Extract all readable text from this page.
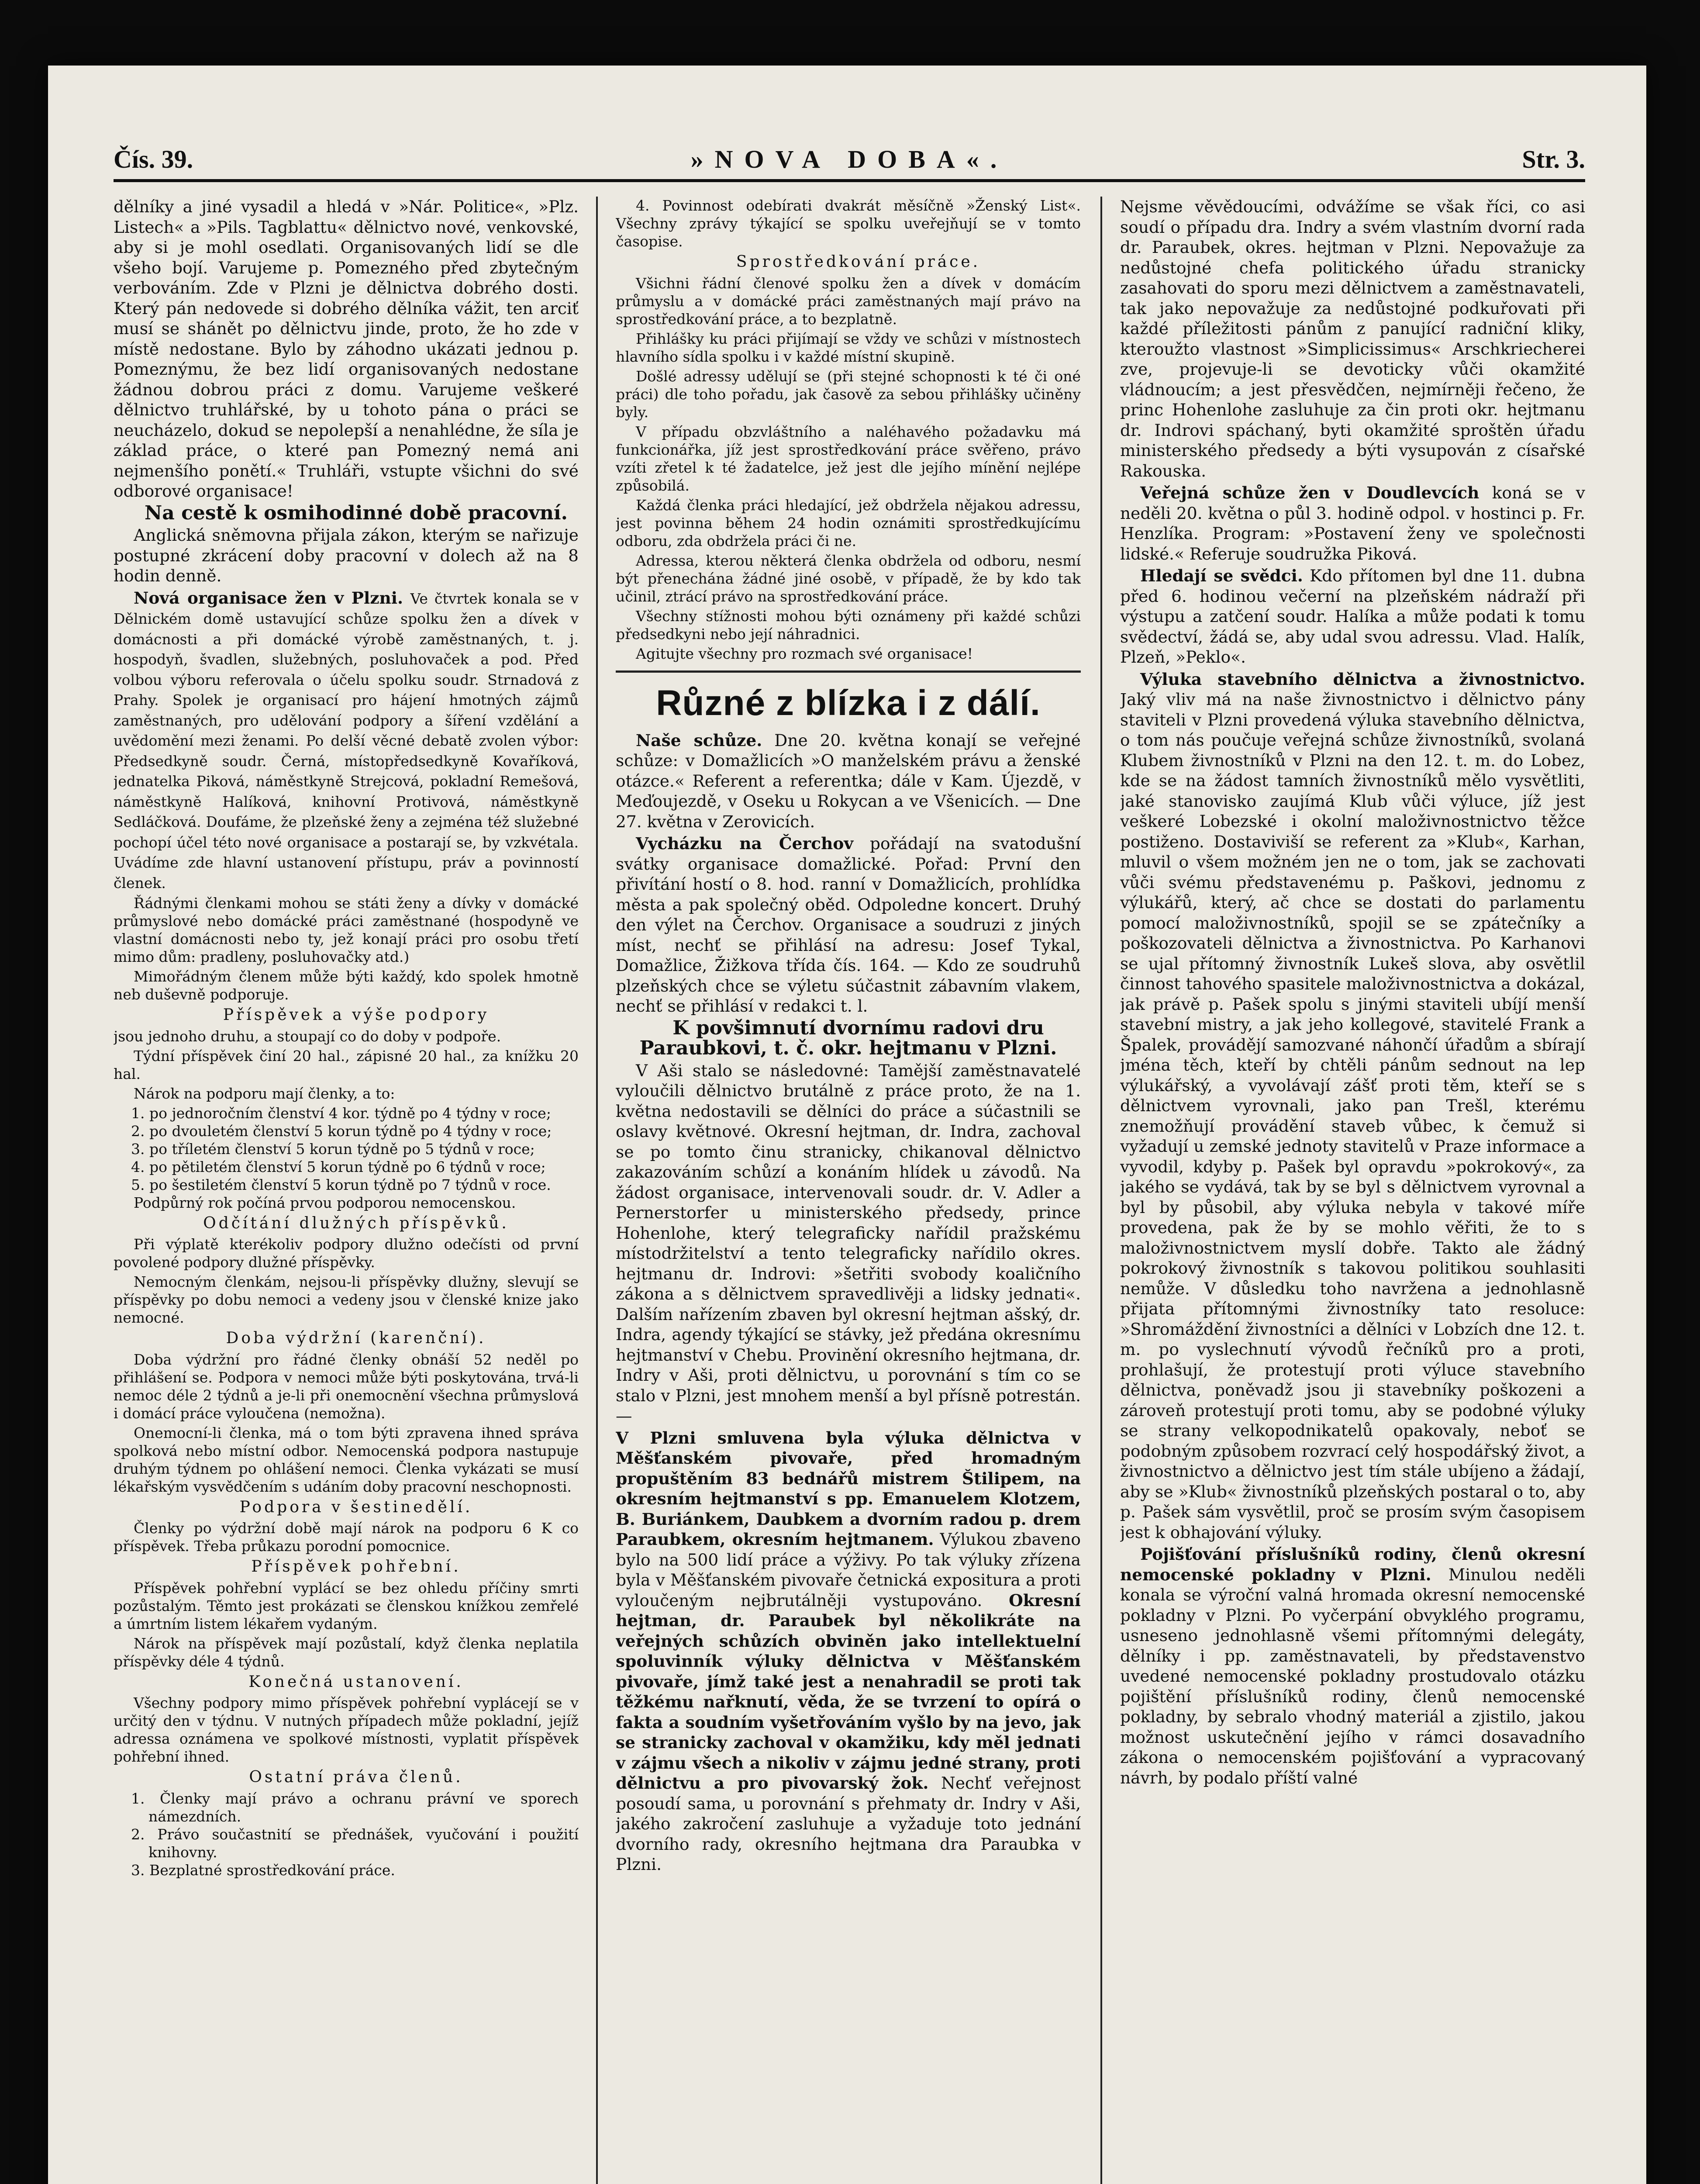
Čís. 39.	»NOVA DOBA«.	Str. 3.

dělníky a jiné vysadil a hledá v »Nár. Politice«, »Plz. Listech« a »Pils. Tagblattu« dělnictvo nové, venkovské, aby si je mohl osedlati. Organisovaných lidí se dle všeho bojí. Varujeme p. Pomezného před zbytečným verbováním. Zde v Plzni je dělnictva dobrého dosti. Který pán nedovede si dobrého dělníka vážit, ten arciť musí se shánět po dělnictvu jinde, proto, že ho zde v místě nedostane. Bylo by záhodno ukázati jednou p. Pomeznýmu, že bez lidí organisovaných nedostane žádnou dobrou práci z domu. Varujeme veškeré dělnictvo truhlářské, by u tohoto pána o práci se neucházelo, dokud se nepolepší a nenahlédne, že síla je základ práce, o které pan Pomezný nemá ani nejmenšího ponětí.« Truhláři, vstupte všichni do své odborové organisace!

Na cestě k osmihodinné době pracovní.

Anglická sněmovna přijala zákon, kterým se nařizuje postupné zkrácení doby pracovní v dolech až na 8 hodin denně.

Nová organisace žen v Plzni. Ve čtvrtek konala se v Dělnickém domě ustavující schůze spolku žen a dívek v domácnosti a při domácké výrobě zaměstnaných, t. j. hospodyň, švadlen, služebných, posluhovaček a pod. Před volbou výboru referovala o účelu spolku soudr. Strnadová z Prahy. Spolek je organisací pro hájení hmotných zájmů zaměstnaných, pro udělování podpory a šíření vzdělání a uvědomění mezi ženami. Po delší věcné debatě zvolen výbor: Předsedkyně soudr. Černá, místopředsedkyně Kovaříková, jednatelka Piková, náměstkyně Strejcová, pokladní Remešová, náměstkyně Halíková, knihovní Protivová, náměstkyně Sedláčková. Doufáme, že plzeňské ženy a zejména též služebné pochopí účel této nové organisace a postarají se, by vzkvétala. Uvádíme zde hlavní ustanovení přístupu, práv a povinností členek.

Řádnými členkami mohou se státi ženy a dívky v domácké průmyslové nebo domácké práci zaměstnané (hospodyně ve vlastní domácnosti nebo ty, jež konají práci pro osobu třetí mimo dům: pradleny, posluhovačky atd.)

Mimořádným členem může býti každý, kdo spolek hmotně neb duševně podporuje.

Příspěvek a výše podpory

jsou jednoho druhu, a stoupají co do doby v podpoře.

Týdní příspěvek činí 20 hal., zápisné 20 hal., za knížku 20 hal.

Nárok na podporu mají členky, a to:

1. po jednoročním členství 4 kor. týdně po 4 týdny v roce;
2. po dvouletém členství 5 korun týdně po 4 týdny v roce;
3. po tříletém členství 5 korun týdně po 5 týdnů v roce;
4. po pětiletém členství 5 korun týdně po 6 týdnů v roce;
5. po šestiletém členství 5 korun týdně po 7 týdnů v roce.

Podpůrný rok počíná prvou podporou nemocenskou.

Odčítání dlužných příspěvků.

Při výplatě kterékoliv podpory dlužno odečísti od první povolené podpory dlužné příspěvky.

Nemocným členkám, nejsou-li příspěvky dlužny, slevují se příspěvky po dobu nemoci a vedeny jsou v členské knize jako nemocné.

Doba výdržní (karenční).

Doba výdržní pro řádné členky obnáší 52 neděl po přihlášení se. Podpora v nemoci může býti poskytována, trvá-li nemoc déle 2 týdnů a je-li při onemocnění všechna průmyslová i domácí práce vyloučena (nemožna).

Onemocní-li členka, má o tom býti zpravena ihned správa spolková nebo místní odbor. Nemocenská podpora nastupuje druhým týdnem po ohlášení nemoci. Členka vykázati se musí lékařským vysvědčením s udáním doby pracovní neschopnosti.

Podpora v šestinedělí.

Členky po výdržní době mají nárok na podporu 6 K co příspěvek. Třeba průkazu porodní pomocnice.

Příspěvek pohřební.

Příspěvek pohřební vyplácí se bez ohledu příčiny smrti pozůstalým. Těmto jest prokázati se členskou knížkou zemřelé a úmrtním listem lékařem vydaným.

Nárok na příspěvek mají pozůstalí, když členka neplatila příspěvky déle 4 týdnů.

Konečná ustanovení.

Všechny podpory mimo příspěvek pohřební vyplácejí se v určitý den v týdnu. V nutných případech může pokladní, jejíž adressa oznámena ve spolkové místnosti, vyplatit příspěvek pohřební ihned.

Ostatní práva členů.

1. Členky mají právo a ochranu právní ve sporech námezdních.
2. Právo součastnití se přednášek, vyučování i použití knihovny.
3. Bezplatné sprostředkování práce.

4. Povinnost odebírati dvakrát měsíčně »Ženský List«. Všechny zprávy týkající se spolku uveřejňují se v tomto časopise.

Sprostředkování práce.

Všichni řádní členové spolku žen a dívek v domácím průmyslu a v domácké práci zaměstnaných mají právo na sprostředkování práce, a to bezplatně.

Přihlášky ku práci přijímají se vždy ve schůzi v místnostech hlavního sídla spolku i v každé místní skupině.

Došlé adressy udělují se (při stejné schopnosti k té či oné práci) dle toho pořadu, jak časově za sebou přihlášky učiněny byly.

V případu obzvláštního a naléhavého požadavku má funkcionářka, jíž jest sprostředkování práce svěřeno, právo vzíti zřetel k té žadatelce, jež jest dle jejího mínění nejlépe způsobilá.

Každá členka práci hledající, jež obdržela nějakou adressu, jest povinna během 24 hodin oznámiti sprostředkujícímu odboru, zda obdržela práci či ne.

Adressa, kterou některá členka obdržela od odboru, nesmí být přenechána žádné jiné osobě, v případě, že by kdo tak učinil, ztrácí právo na sprostředkování práce.

Všechny stížnosti mohou býti oznámeny při každé schůzi předsedkyni nebo její náhradnici.

Agitujte všechny pro rozmach své organisace!

Různé z blízka i z dálí.

Naše schůze. Dne 20. května konají se veřejné schůze: v Domažlicích »O manželském právu a ženské otázce.« Referent a referentka; dále v Kam. Újezdě, v Meďoujezdě, v Oseku u Rokycan a ve Všenicích. — Dne 27. května v Zerovicích.

Vycházku na Čerchov pořádají na svatodušní svátky organisace domažlické. Pořad: První den přivítání hostí o 8. hod. ranní v Domažlicích, prohlídka města a pak společný oběd. Odpoledne koncert. Druhý den výlet na Čerchov. Organisace a soudruzi z jiných míst, nechť se přihlásí na adresu: Josef Tykal, Domažlice, Žižkova třída čís. 164. — Kdo ze soudruhů plzeňských chce se výletu súčastnit zábavním vlakem, nechť se přihlásí v redakci t. l.

K povšimnutí dvornímu radovi dru Paraubkovi, t. č. okr. hejtmanu v Plzni.

V Aši stalo se následovné: Tamější zaměstnavatelé vyloučili dělnictvo brutálně z práce proto, že na 1. května nedostavili se dělníci do práce a súčastnili se oslavy květnové. Okresní hejtman, dr. Indra, zachoval se po tomto činu stranicky, chikanoval dělnictvo zakazováním schůzí a konáním hlídek u závodů. Na žádost organisace, intervenovali soudr. dr. V. Adler a Pernerstorfer u ministerského předsedy, prince Hohenlohe, který telegraficky nařídil pražskému místodržitelství a tento telegraficky nařídilo okres. hejtmanu dr. Indrovi: »šetřiti svobody koaličního zákona a s dělnictvem spravedlivěji a lidsky jednati«. Dalším nařízením zbaven byl okresní hejtman ašský, dr. Indra, agendy týkající se stávky, jež předána okresnímu hejtmanství v Chebu. Provinění okresního hejtmana, dr. Indry v Aši, proti dělnictvu, u porovnání s tím co se stalo v Plzni, jest mnohem menší a byl přísně potrestán. —

V Plzni smluvena byla výluka dělnictva v Měšťanském pivovaře, před hromadným propuštěním 83 bednářů mistrem Štilipem, na okresním hejtmanství s pp. Emanuelem Klotzem, B. Buriánkem, Daubkem a dvorním radou p. drem Paraubkem, okresním hejtmanem. Výlukou zbaveno bylo na 500 lidí práce a výživy. Po tak výluky zřízena byla v Měšťanském pivovaře četnická expositura a proti vyloučeným nejbrutálněji vystupováno. Okresní hejtman, dr. Paraubek byl několikráte na veřejných schůzích obviněn jako intellektuelní spoluvinník výluky dělnictva v Měšťanském pivovaře, jímž také jest a nenahradil se proti tak těžkému nařknutí, věda, že se tvrzení to opírá o fakta a soudním vyšetřováním vyšlo by na jevo, jak se stranicky zachoval v okamžiku, kdy měl jednati v zájmu všech a nikoliv v zájmu jedné strany, proti dělnictvu a pro pivovarský žok. Nechť veřejnost posoudí sama, u porovnání s přehmaty dr. Indry v Aši, jakého zakročení zasluhuje a vyžaduje toto jednání dvorního rady, okresního hejtmana dra Paraubka v Plzni.

Nejsme věvědoucími, odvážíme se však říci, co asi soudí o případu dra. Indry a svém vlastním dvorní rada dr. Paraubek, okres. hejtman v Plzni. Nepovažuje za nedůstojné chefa politického úřadu stranicky zasahovati do sporu mezi dělnictvem a zaměstnavateli, tak jako nepovažuje za nedůstojné podkuřovati při každé příležitosti pánům z panující radniční kliky, kteroužto vlastnost »Simplicissimus« Arschkriecherei zve, projevuje-li se devoticky vůči okamžité vládnoucím; a jest přesvědčen, nejmírněji řečeno, že princ Hohenlohe zasluhuje za čin proti okr. hejtmanu dr. Indrovi spáchaný, byti okamžité sproštěn úřadu ministerského předsedy a býti vysupován z císařské Rakouska.

Veřejná schůze žen v Doudlevcích koná se v neděli 20. května o půl 3. hodině odpol. v hostinci p. Fr. Henzlíka. Program: »Postavení ženy ve společnosti lidské.« Referuje soudružka Piková.

Hledají se svědci. Kdo přítomen byl dne 11. dubna před 6. hodinou večerní na plzeňském nádraží při výstupu a zatčení soudr. Halíka a může podati k tomu svědectví, žádá se, aby udal svou adressu. Vlad. Halík, Plzeň, »Peklo«.

Výluka stavebního dělnictva a živnostnictvo. Jaký vliv má na naše živnostnictvo i dělnictvo pány staviteli v Plzni provedená výluka stavebního dělnictva, o tom nás poučuje veřejná schůze živnostníků, svolaná Klubem živnostníků v Plzni na den 12. t. m. do Lobez, kde se na žádost tamních živnostníků mělo vysvětliti, jaké stanovisko zaujímá Klub vůči výluce, jíž jest veškeré Lobezské i okolní maloživnostnictvo těžce postiženo. Dostaviviší se referent za »Klub«, Karhan, mluvil o všem možném jen ne o tom, jak se zachovati vůči svému představenému p. Paškovi, jednomu z výlukářů, který, ač chce se dostati do parlamentu pomocí maloživnostníků, spojil se se zpátečníky a poškozovateli dělnictva a živnostnictva. Po Karhanovi se ujal přítomný živnostník Lukeš slova, aby osvětlil činnost tahového spasitele maloživnostnictva a dokázal, jak právě p. Pašek spolu s jinými staviteli ubíjí menší stavební mistry, a jak jeho kollegové, stavitelé Frank a Špalek, provádějí samozvané náhončí úřadům a sbírají jména těch, kteří by chtěli pánům sednout na lep výlukářský, a vyvolávají zášť proti těm, kteří se s dělnictvem vyrovnali, jako pan Trešl, kterému znemožňují provádění staveb vůbec, k čemuž si vyžadují u zemské jednoty stavitelů v Praze informace a vyvodil, kdyby p. Pašek byl opravdu »pokrokový«, za jakého se vydává, tak by se byl s dělnictvem vyrovnal a byl by působil, aby výluka nebyla v takové míře provedena, pak že by se mohlo věřiti, že to s maloživnostnictvem myslí dobře. Takto ale žádný pokrokový živnostník s takovou politikou souhlasiti nemůže. V důsledku toho navrženа a jednohlasně přijata přítomnými živnostníky tato resoluce: »Shromáždění živnostníci a dělníci v Lobzích dne 12. t. m. po vyslechnutí vývodů řečníků pro a proti, prohlašují, že protestují proti výluce stavebního dělnictva, poněvadž jsou ji stavebníky poškozeni a zároveň protestují proti tomu, aby se podobné výluky se strany velkopodnikatelů opakovaly, neboť se podobným způsobem rozvrací celý hospodářský život, a živnostnictvo a dělnictvo jest tím stále ubíjeno a žádají, aby se »Klub« živnostníků plzeňských postaral o to, aby p. Pašek sám vysvětlil, proč se prosím svým časopisem jest k obhajování výluky.

Pojišťování příslušníků rodiny, členů okresní nemocenské pokladny v Plzni. Minulou neděli konala se výroční valná hromada okresní nemocenské pokladny v Plzni. Po vyčerpání obvyklého programu, usneseno jednohlasně všemi přítomnými delegáty, dělníky i pp. zaměstnavateli, by představenstvo uvedené nemocenské pokladny prostudovalo otázku pojištění příslušníků rodiny, členů nemocenské pokladny, by sebralo vhodný materiál a zjistilo, jakou možnost uskutečnění jejího v rámci dosavadního zákona o nemocenském pojišťování a vypracovaný návrh, by podalo příští valné
